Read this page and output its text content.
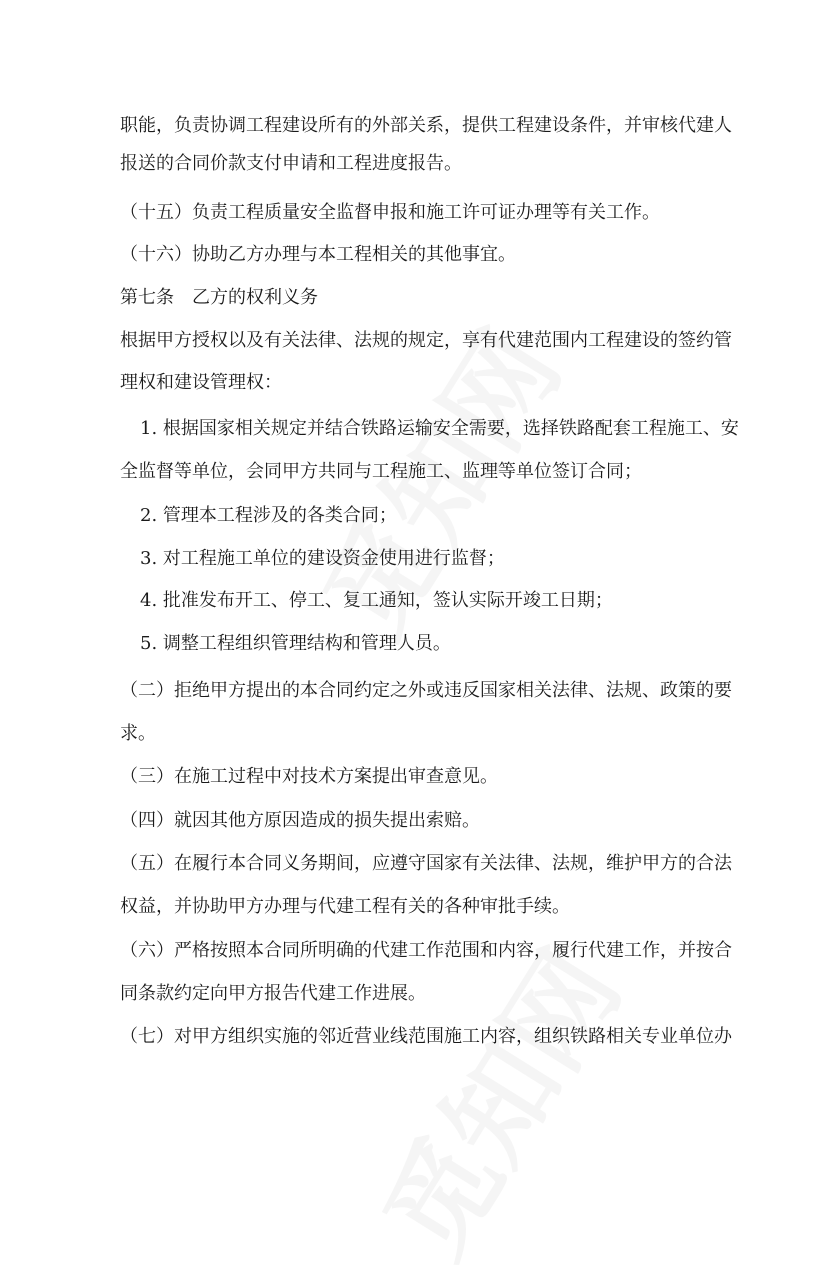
职能，负责协调工程建设所有的外部关系，提供工程建设条件，并审核代建人

报送的合同价款支付申请和工程进度报告。

（十五）负责工程质量安全监督申报和施工许可证办理等有关工作。

（十六）协助乙方办理与本工程相关的其他事宜。

第七条　乙方的权利义务

根据甲方授权以及有关法律、法规的规定，享有代建范围内工程建设的签约管

理权和建设管理权：

1. 根据国家相关规定并结合铁路运输安全需要，选择铁路配套工程施工、安

全监督等单位，会同甲方共同与工程施工、监理等单位签订合同；

2. 管理本工程涉及的各类合同；

3. 对工程施工单位的建设资金使用进行监督；

4. 批准发布开工、停工、复工通知，签认实际开竣工日期；

5. 调整工程组织管理结构和管理人员。

（二）拒绝甲方提出的本合同约定之外或违反国家相关法律、法规、政策的要

求。

（三）在施工过程中对技术方案提出审查意见。

（四）就因其他方原因造成的损失提出索赔。

（五）在履行本合同义务期间，应遵守国家有关法律、法规，维护甲方的合法

权益，并协助甲方办理与代建工程有关的各种审批手续。

（六）严格按照本合同所明确的代建工作范围和内容，履行代建工作，并按合

同条款约定向甲方报告代建工作进展。

（七）对甲方组织实施的邻近营业线范围施工内容，组织铁路相关专业单位办
